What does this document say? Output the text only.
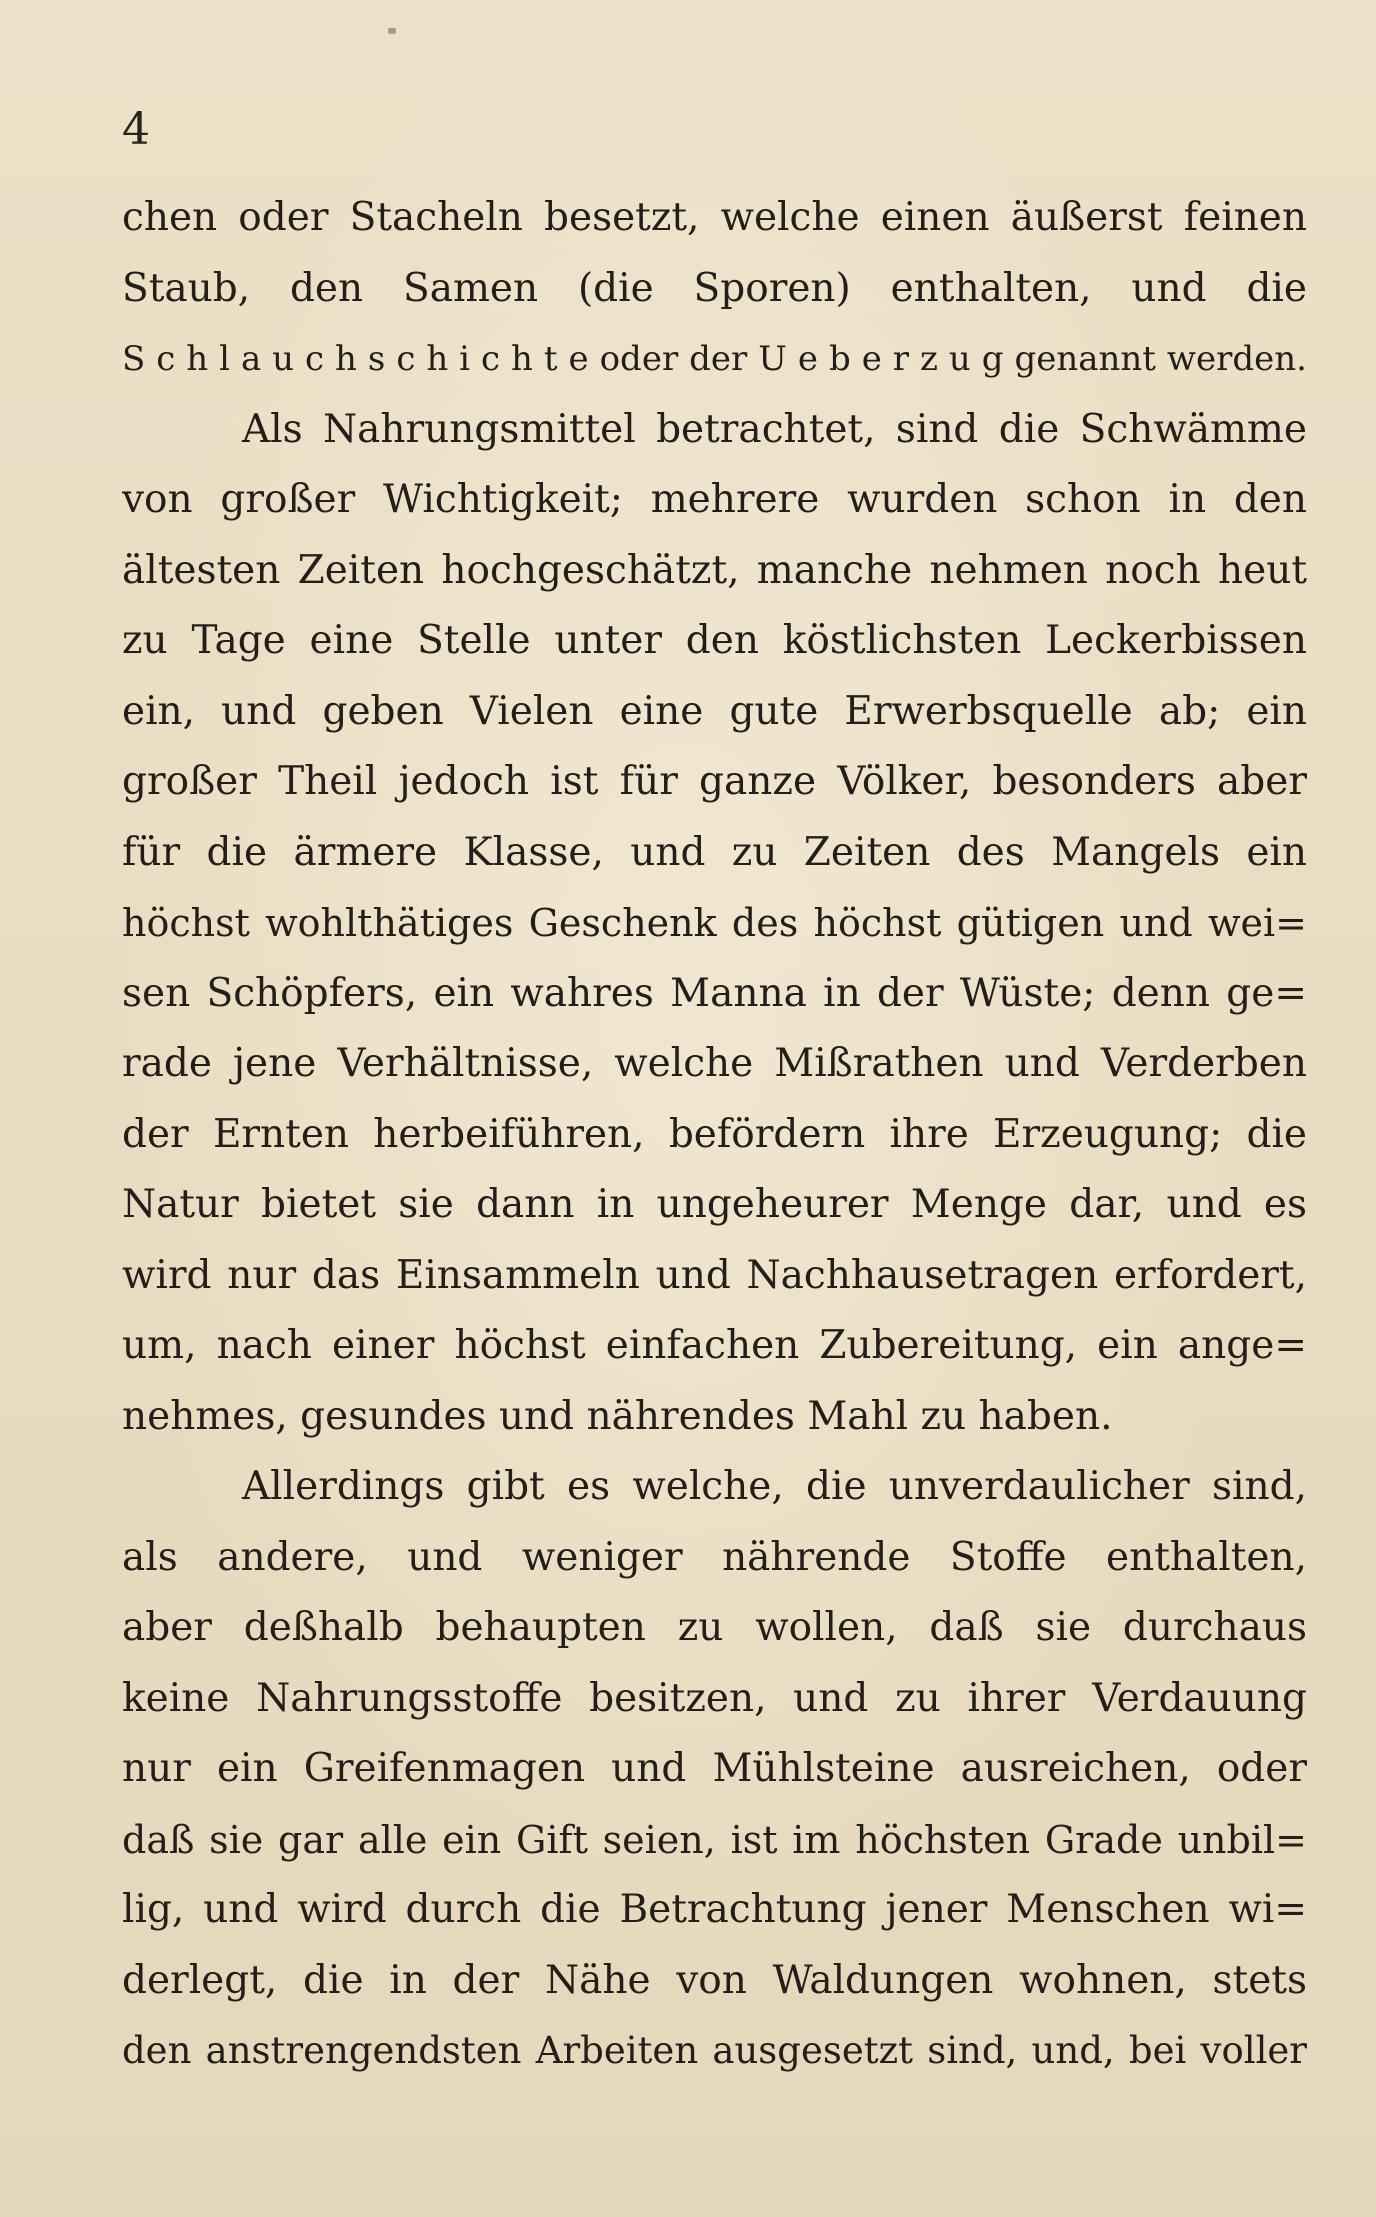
4
chen oder Stacheln besetzt, welche einen äußerst feinen
Staub, den Samen (die Sporen) enthalten, und die
S c h l a u c h s c h i c h t e oder der U e b e r z u g genannt werden.
Als Nahrungsmittel betrachtet, sind die Schwämme
von großer Wichtigkeit; mehrere wurden schon in den
ältesten Zeiten hochgeschätzt, manche nehmen noch heut
zu Tage eine Stelle unter den köstlichsten Leckerbissen
ein, und geben Vielen eine gute Erwerbsquelle ab; ein
großer Theil jedoch ist für ganze Völker, besonders aber
für die ärmere Klasse, und zu Zeiten des Mangels ein
höchst wohlthätiges Geschenk des höchst gütigen und wei=
sen Schöpfers, ein wahres Manna in der Wüste; denn ge=
rade jene Verhältnisse, welche Mißrathen und Verderben
der Ernten herbeiführen, befördern ihre Erzeugung; die
Natur bietet sie dann in ungeheurer Menge dar, und es
wird nur das Einsammeln und Nachhausetragen erfordert,
um, nach einer höchst einfachen Zubereitung, ein ange=
nehmes, gesundes und nährendes Mahl zu haben.
Allerdings gibt es welche, die unverdaulicher sind,
als andere, und weniger nährende Stoffe enthalten,
aber deßhalb behaupten zu wollen, daß sie durchaus
keine Nahrungsstoffe besitzen, und zu ihrer Verdauung
nur ein Greifenmagen und Mühlsteine ausreichen, oder
daß sie gar alle ein Gift seien, ist im höchsten Grade unbil=
lig, und wird durch die Betrachtung jener Menschen wi=
derlegt, die in der Nähe von Waldungen wohnen, stets
den anstrengendsten Arbeiten ausgesetzt sind, und, bei voller
